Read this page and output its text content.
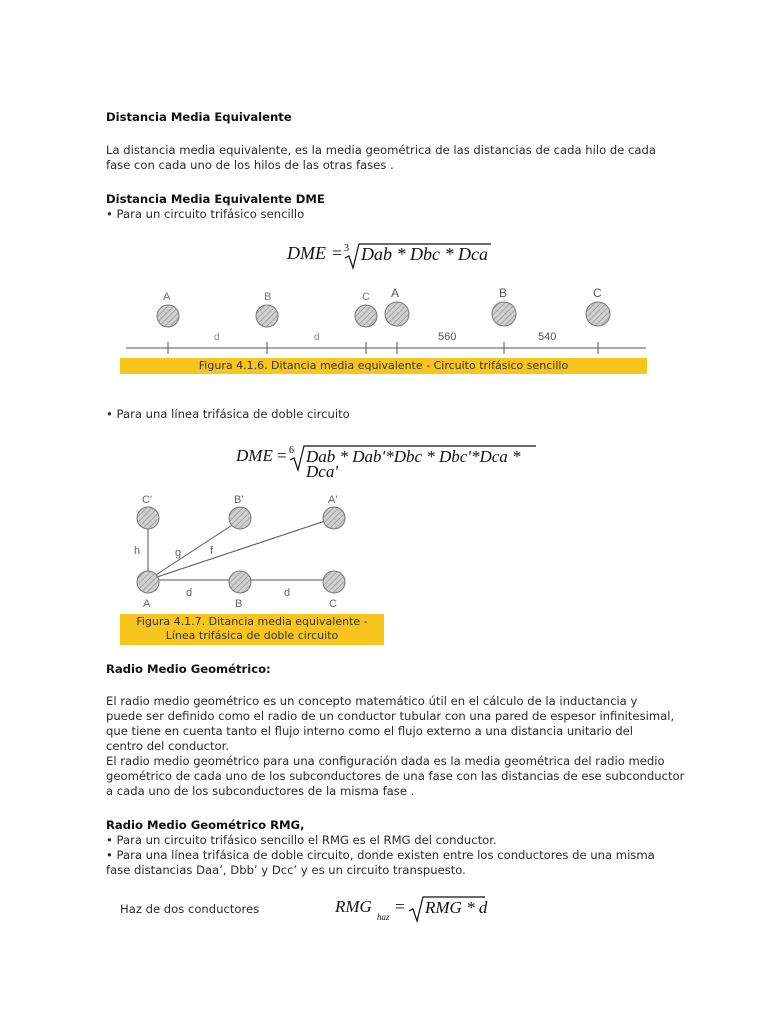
Distancia Media Equivalente
La distancia media equivalente, es la media geométrica de las distancias de cada hilo de cada
fase con cada uno de los hilos de las otras fases .
Distancia Media Equivalente DME
• Para un circuito trifásico sencillo
DME = 3 Dab * Dbc * Dca
A	B	C A	B	C
d	d	560	540
Figura 4.1.6. Ditancia media equivalente - Circuito trifásico sencillo
• Para una línea trifásica de doble circuito
DME = 6 Dab * Dab'*Dbc * Dbc'*Dca * Dca'
C'	B'	A'
A	B	C
h	g	f
d	d
Figura 4.1.7. Ditancia media equivalente -
Línea trifásica de doble circuito
Radio Medio Geométrico:
El radio medio geométrico es un concepto matemático útil en el cálculo de la inductancia y
puede ser definido como el radio de un conductor tubular con una pared de espesor infinitesimal,
que tiene en cuenta tanto el flujo interno como el flujo externo a una distancia unitario del
centro del conductor.
El radio medio geométrico para una configuración dada es la media geométrica del radio medio
geométrico de cada uno de los subconductores de una fase con las distancias de ese subconductor
a cada uno de los subconductores de la misma fase .
Radio Medio Geométrico RMG,
• Para un circuito trifásico sencillo el RMG es el RMG del conductor.
• Para una línea trifásica de doble circuito, donde existen entre los conductores de una misma
fase distancias Daa’, Dbb’ y Dcc’ y es un circuito transpuesto.
Haz de dos conductores	RMG
haz
= RMG * d
